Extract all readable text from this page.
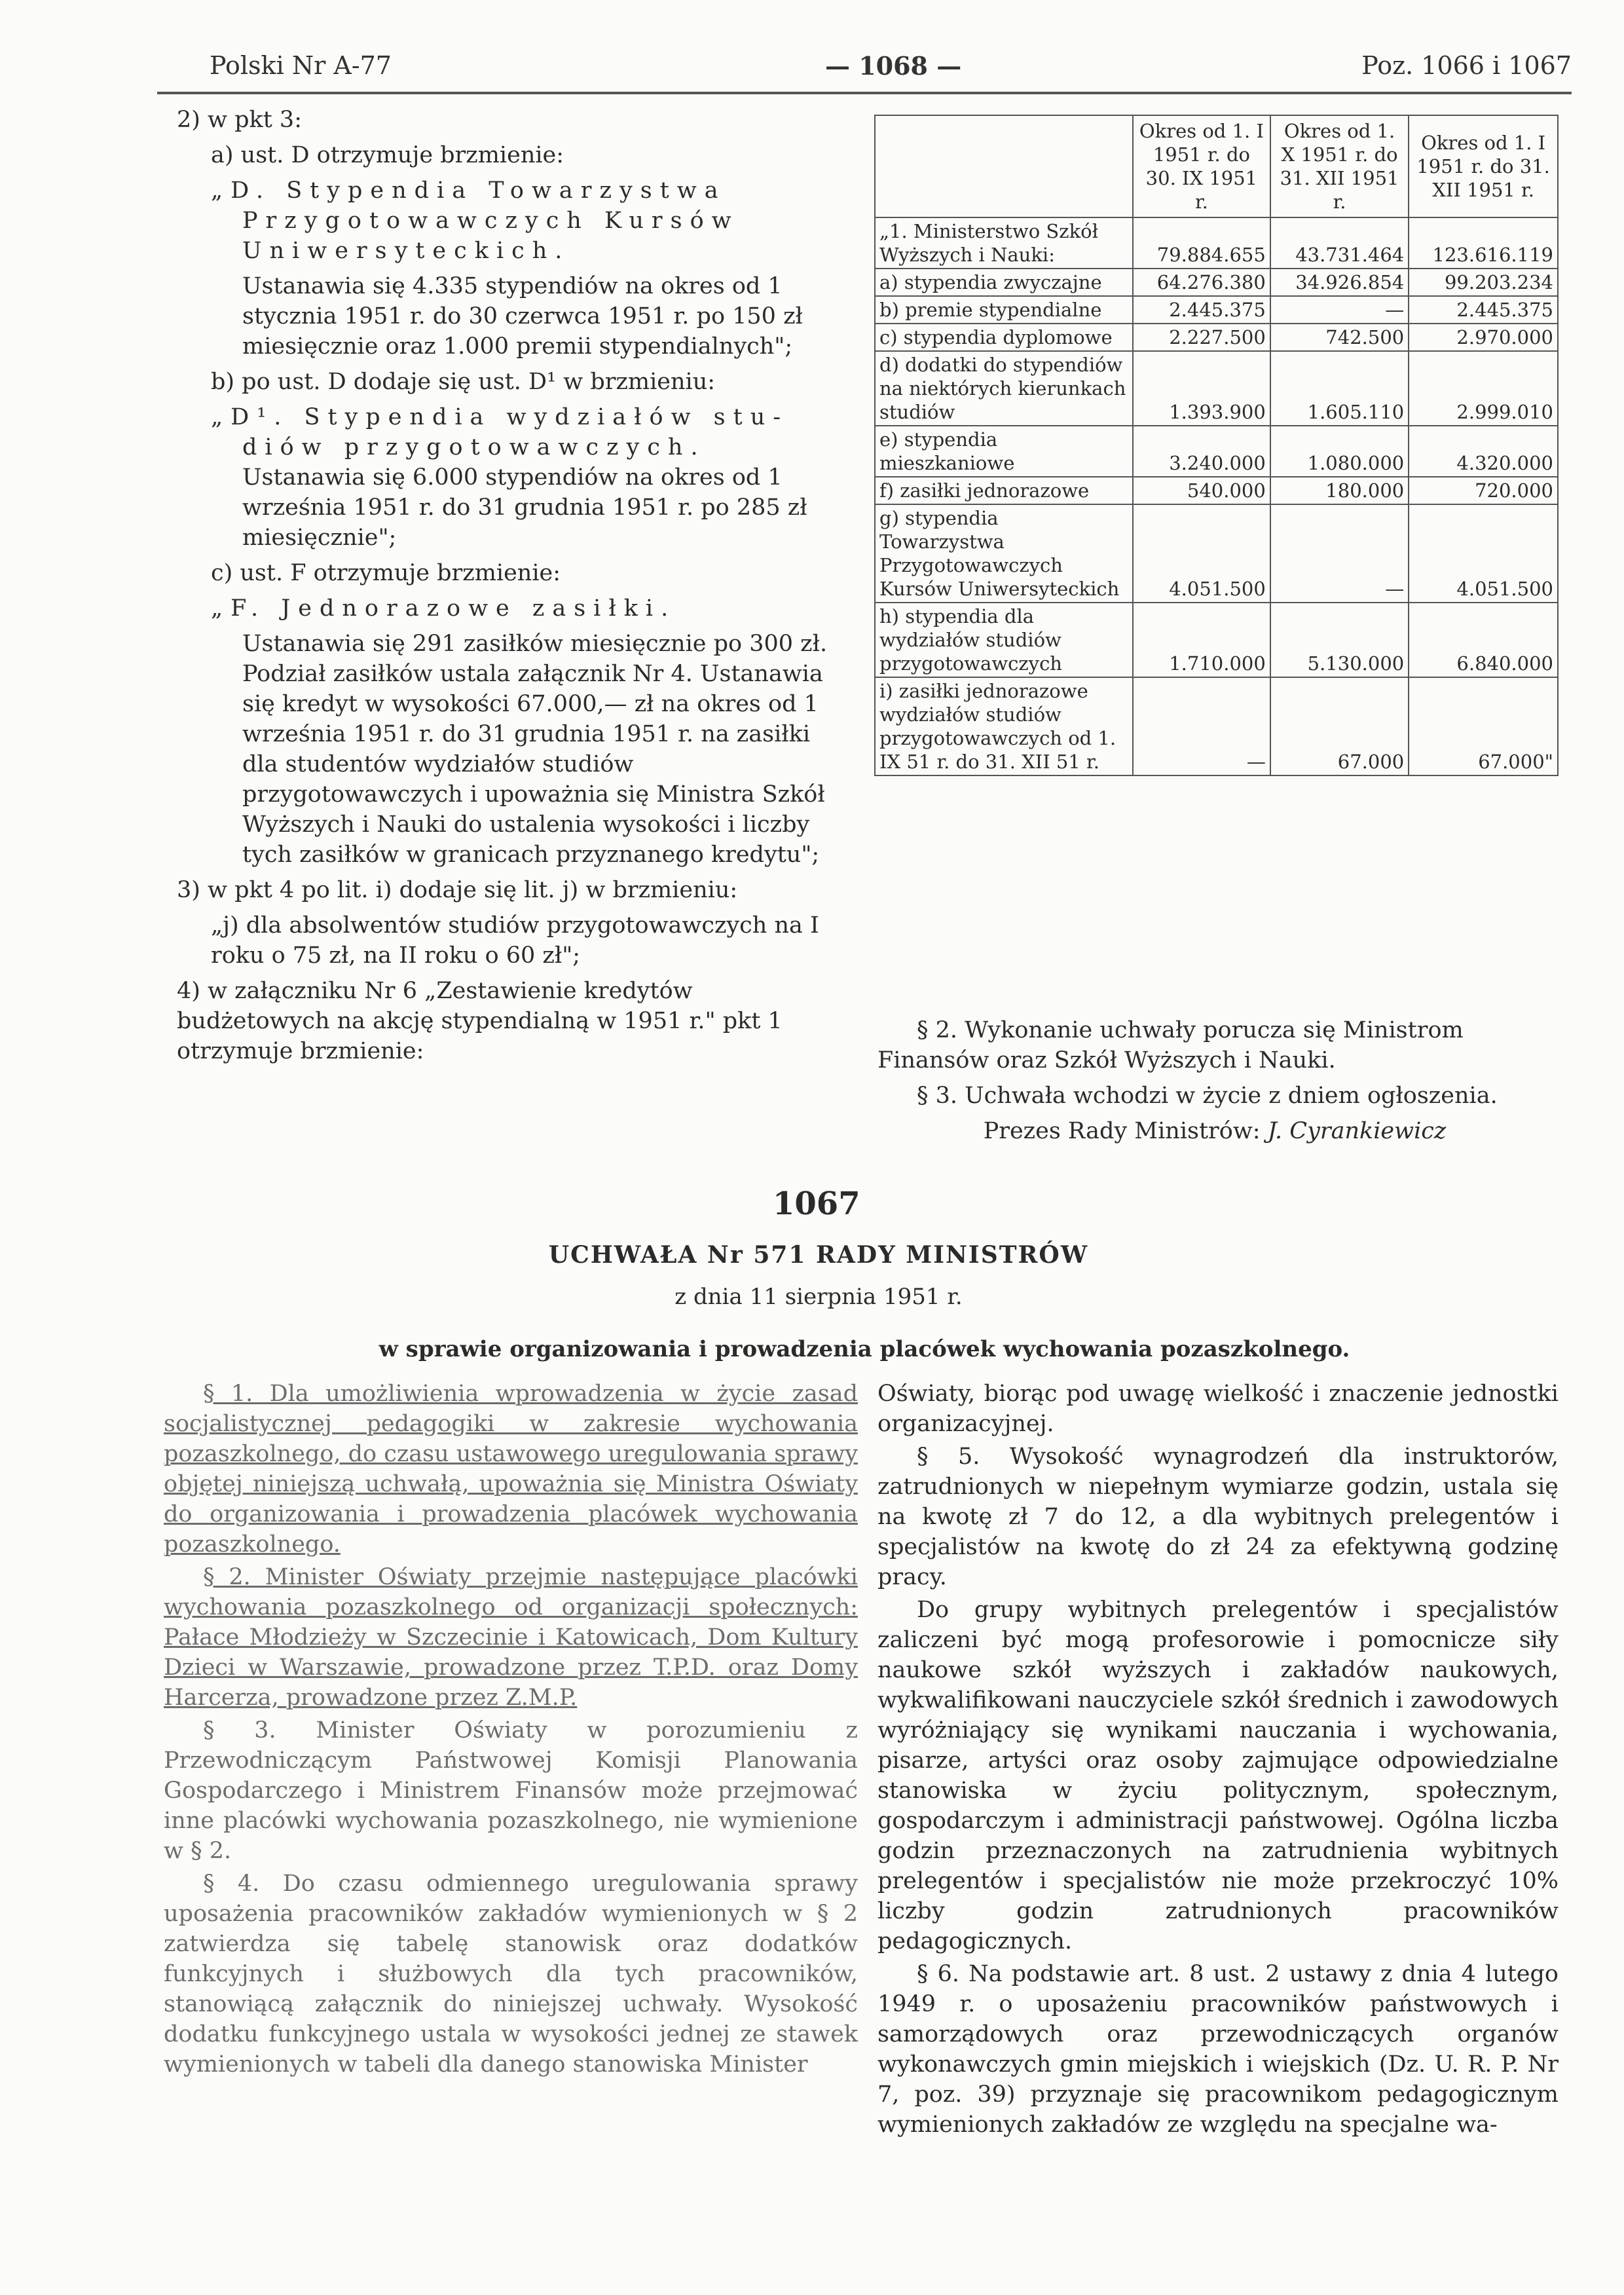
Polski Nr A-77	— 1068 —	Poz. 1066 i 1067

2) w pkt 3:

a) ust. D otrzymuje brzmienie:

„D. Stypendia Towarzystwa

Przygotowawczych Kursów

Uniwersyteckich.

Ustanawia się 4.335 stypendiów na okres od 1 stycznia 1951 r. do 30 czerwca 1951 r. po 150 zł miesięcznie oraz 1.000 premii stypendialnych";

b) po ust. D dodaje się ust. D¹ w brzmieniu:

„D¹. Stypendia wydziałów stu-

diów przygotowawczych.

Ustanawia się 6.000 stypendiów na okres od 1 września 1951 r. do 31 grudnia 1951 r. po 285 zł miesięcznie";

c) ust. F otrzymuje brzmienie:

„F. Jednorazowe zasiłki.

Ustanawia się 291 zasiłków miesięcznie po 300 zł. Podział zasiłków ustala załącznik Nr 4. Ustanawia się kredyt w wysokości 67.000,— zł na okres od 1 września 1951 r. do 31 grudnia 1951 r. na zasiłki dla studentów wydziałów studiów przygotowawczych i upoważnia się Ministra Szkół Wyższych i Nauki do ustalenia wysokości i liczby tych zasiłków w granicach przyznanego kredytu";

3) w pkt 4 po lit. i) dodaje się lit. j) w brzmieniu:

„j) dla absolwentów studiów przygotowawczych na I roku o 75 zł, na II roku o 60 zł";

4) w załączniku Nr 6 „Zestawienie kredytów budżetowych na akcję stypendialną w 1951 r." pkt 1 otrzymuje brzmienie:

	Okres od 1. I 1951 r. do 30. IX 1951 r.	Okres od 1. X 1951 r. do 31. XII 1951 r.	Okres od 1. I 1951 r. do 31. XII 1951 r.
„1. Ministerstwo Szkół Wyższych i Nauki:	79.884.655	43.731.464	123.616.119
a) stypendia zwyczajne	64.276.380	34.926.854	99.203.234
b) premie stypendialne	2.445.375	—	2.445.375
c) stypendia dyplomowe	2.227.500	742.500	2.970.000
d) dodatki do stypendiów na niektórych kierunkach studiów	1.393.900	1.605.110	2.999.010
e) stypendia mieszkaniowe	3.240.000	1.080.000	4.320.000
f) zasiłki jednorazowe	540.000	180.000	720.000
g) stypendia Towarzystwa Przygotowawczych Kursów Uniwersyteckich	4.051.500	—	4.051.500
h) stypendia dla wydziałów studiów przygotowawczych	1.710.000	5.130.000	6.840.000
i) zasiłki jednorazowe wydziałów studiów przygotowawczych od 1. IX 51 r. do 31. XII 51 r.	—	67.000	67.000"

§ 2. Wykonanie uchwały porucza się Ministrom Finansów oraz Szkół Wyższych i Nauki.

§ 3. Uchwała wchodzi w życie z dniem ogłoszenia.

Prezes Rady Ministrów: J. Cyrankiewicz

1067
UCHWAŁA Nr 571 RADY MINISTRÓW
z dnia 11 sierpnia 1951 r.
w sprawie organizowania i prowadzenia placówek wychowania pozaszkolnego.

§ 1. Dla umożliwienia wprowadzenia w życie zasad socjalistycznej pedagogiki w zakresie wychowania pozaszkolnego, do czasu ustawowego uregulowania sprawy objętej niniejszą uchwałą, upoważnia się Ministra Oświaty do organizowania i prowadzenia placówek wychowania pozaszkolnego.

§ 2. Minister Oświaty przejmie następujące placówki wychowania pozaszkolnego od organizacji społecznych: Pałace Młodzieży w Szczecinie i Katowicach, Dom Kultury Dzieci w Warszawie, prowadzone przez T.P.D. oraz Domy Harcerza, prowadzone przez Z.M.P.

§ 3. Minister Oświaty w porozumieniu z Przewodniczącym Państwowej Komisji Planowania Gospodarczego i Ministrem Finansów może przejmować inne placówki wychowania pozaszkolnego, nie wymienione w § 2.

§ 4. Do czasu odmiennego uregulowania sprawy uposażenia pracowników zakładów wymienionych w § 2 zatwierdza się tabelę stanowisk oraz dodatków funkcyjnych i służbowych dla tych pracowników, stanowiącą załącznik do niniejszej uchwały. Wysokość dodatku funkcyjnego ustala w wysokości jednej ze stawek wymienionych w tabeli dla danego stanowiska Minister

Oświaty, biorąc pod uwagę wielkość i znaczenie jednostki organizacyjnej.

§ 5. Wysokość wynagrodzeń dla instruktorów, zatrudnionych w niepełnym wymiarze godzin, ustala się na kwotę zł 7 do 12, a dla wybitnych prelegentów i specjalistów na kwotę do zł 24 za efektywną godzinę pracy.

Do grupy wybitnych prelegentów i specjalistów zaliczeni być mogą profesorowie i pomocnicze siły naukowe szkół wyższych i zakładów naukowych, wykwalifikowani nauczyciele szkół średnich i zawodowych wyróżniający się wynikami nauczania i wychowania, pisarze, artyści oraz osoby zajmujące odpowiedzialne stanowiska w życiu politycznym, społecznym, gospodarczym i administracji państwowej. Ogólna liczba godzin przeznaczonych na zatrudnienia wybitnych prelegentów i specjalistów nie może przekroczyć 10% liczby godzin zatrudnionych pracowników pedagogicznych.

§ 6. Na podstawie art. 8 ust. 2 ustawy z dnia 4 lutego 1949 r. o uposażeniu pracowników państwowych i samorządowych oraz przewodniczących organów wykonawczych gmin miejskich i wiejskich (Dz. U. R. P. Nr 7, poz. 39) przyznaje się pracownikom pedagogicznym wymienionych zakładów ze względu na specjalne wa-
